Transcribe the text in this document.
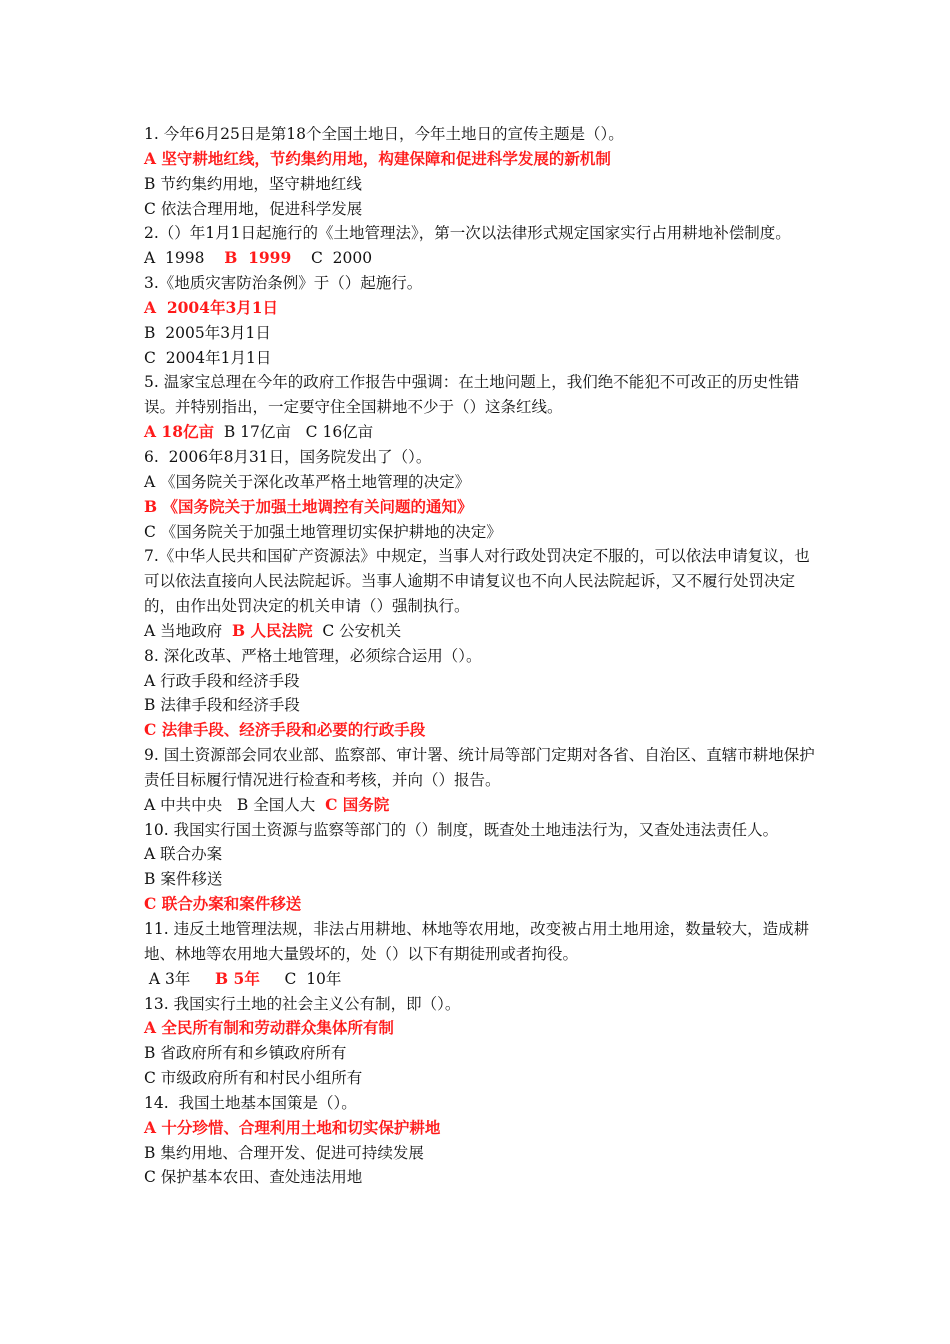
1. 今年6月25日是第18个全国土地日，今年土地日的宣传主题是（）。
A 坚守耕地红线，节约集约用地，构建保障和促进科学发展的新机制
B 节约集约用地，坚守耕地红线
C 依法合理用地，促进科学发展
2.（）年1月1日起施行的《土地管理法》，第一次以法律形式规定国家实行占用耕地补偿制度。
A  1998    B  1999    C  2000
3.《地质灾害防治条例》于（）起施行。
A  2004年3月1日
B  2005年3月1日
C  2004年1月1日
5. 温家宝总理在今年的政府工作报告中强调：在土地问题上，我们绝不能犯不可改正的历史性错误。并特别指出，一定要守住全国耕地不少于（）这条红线。
A 18亿亩  B 17亿亩   C 16亿亩
6.  2006年8月31日，国务院发出了（）。
A 《国务院关于深化改革严格土地管理的决定》
B 《国务院关于加强土地调控有关问题的通知》
C 《国务院关于加强土地管理切实保护耕地的决定》
7.《中华人民共和国矿产资源法》中规定，当事人对行政处罚决定不服的，可以依法申请复议，也可以依法直接向人民法院起诉。当事人逾期不申请复议也不向人民法院起诉，又不履行处罚决定的，由作出处罚决定的机关申请（）强制执行。
A 当地政府  B 人民法院  C 公安机关
8. 深化改革、严格土地管理，必须综合运用（）。
A 行政手段和经济手段
B 法律手段和经济手段
C 法律手段、经济手段和必要的行政手段
9. 国土资源部会同农业部、监察部、审计署、统计局等部门定期对各省、自治区、直辖市耕地保护责任目标履行情况进行检查和考核，并向（）报告。
A 中共中央   B 全国人大  C 国务院
10. 我国实行国土资源与监察等部门的（）制度，既查处土地违法行为，又查处违法责任人。
A 联合办案
B 案件移送
C 联合办案和案件移送
11. 违反土地管理法规，非法占用耕地、林地等农用地，改变被占用土地用途，数量较大，造成耕地、林地等农用地大量毁坏的，处（）以下有期徒刑或者拘役。
A 3年     B 5年     C  10年
13. 我国实行土地的社会主义公有制，即（）。
A 全民所有制和劳动群众集体所有制
B 省政府所有和乡镇政府所有
C 市级政府所有和村民小组所有
14.  我国土地基本国策是（）。
A 十分珍惜、合理利用土地和切实保护耕地
B 集约用地、合理开发、促进可持续发展
C 保护基本农田、查处违法用地
